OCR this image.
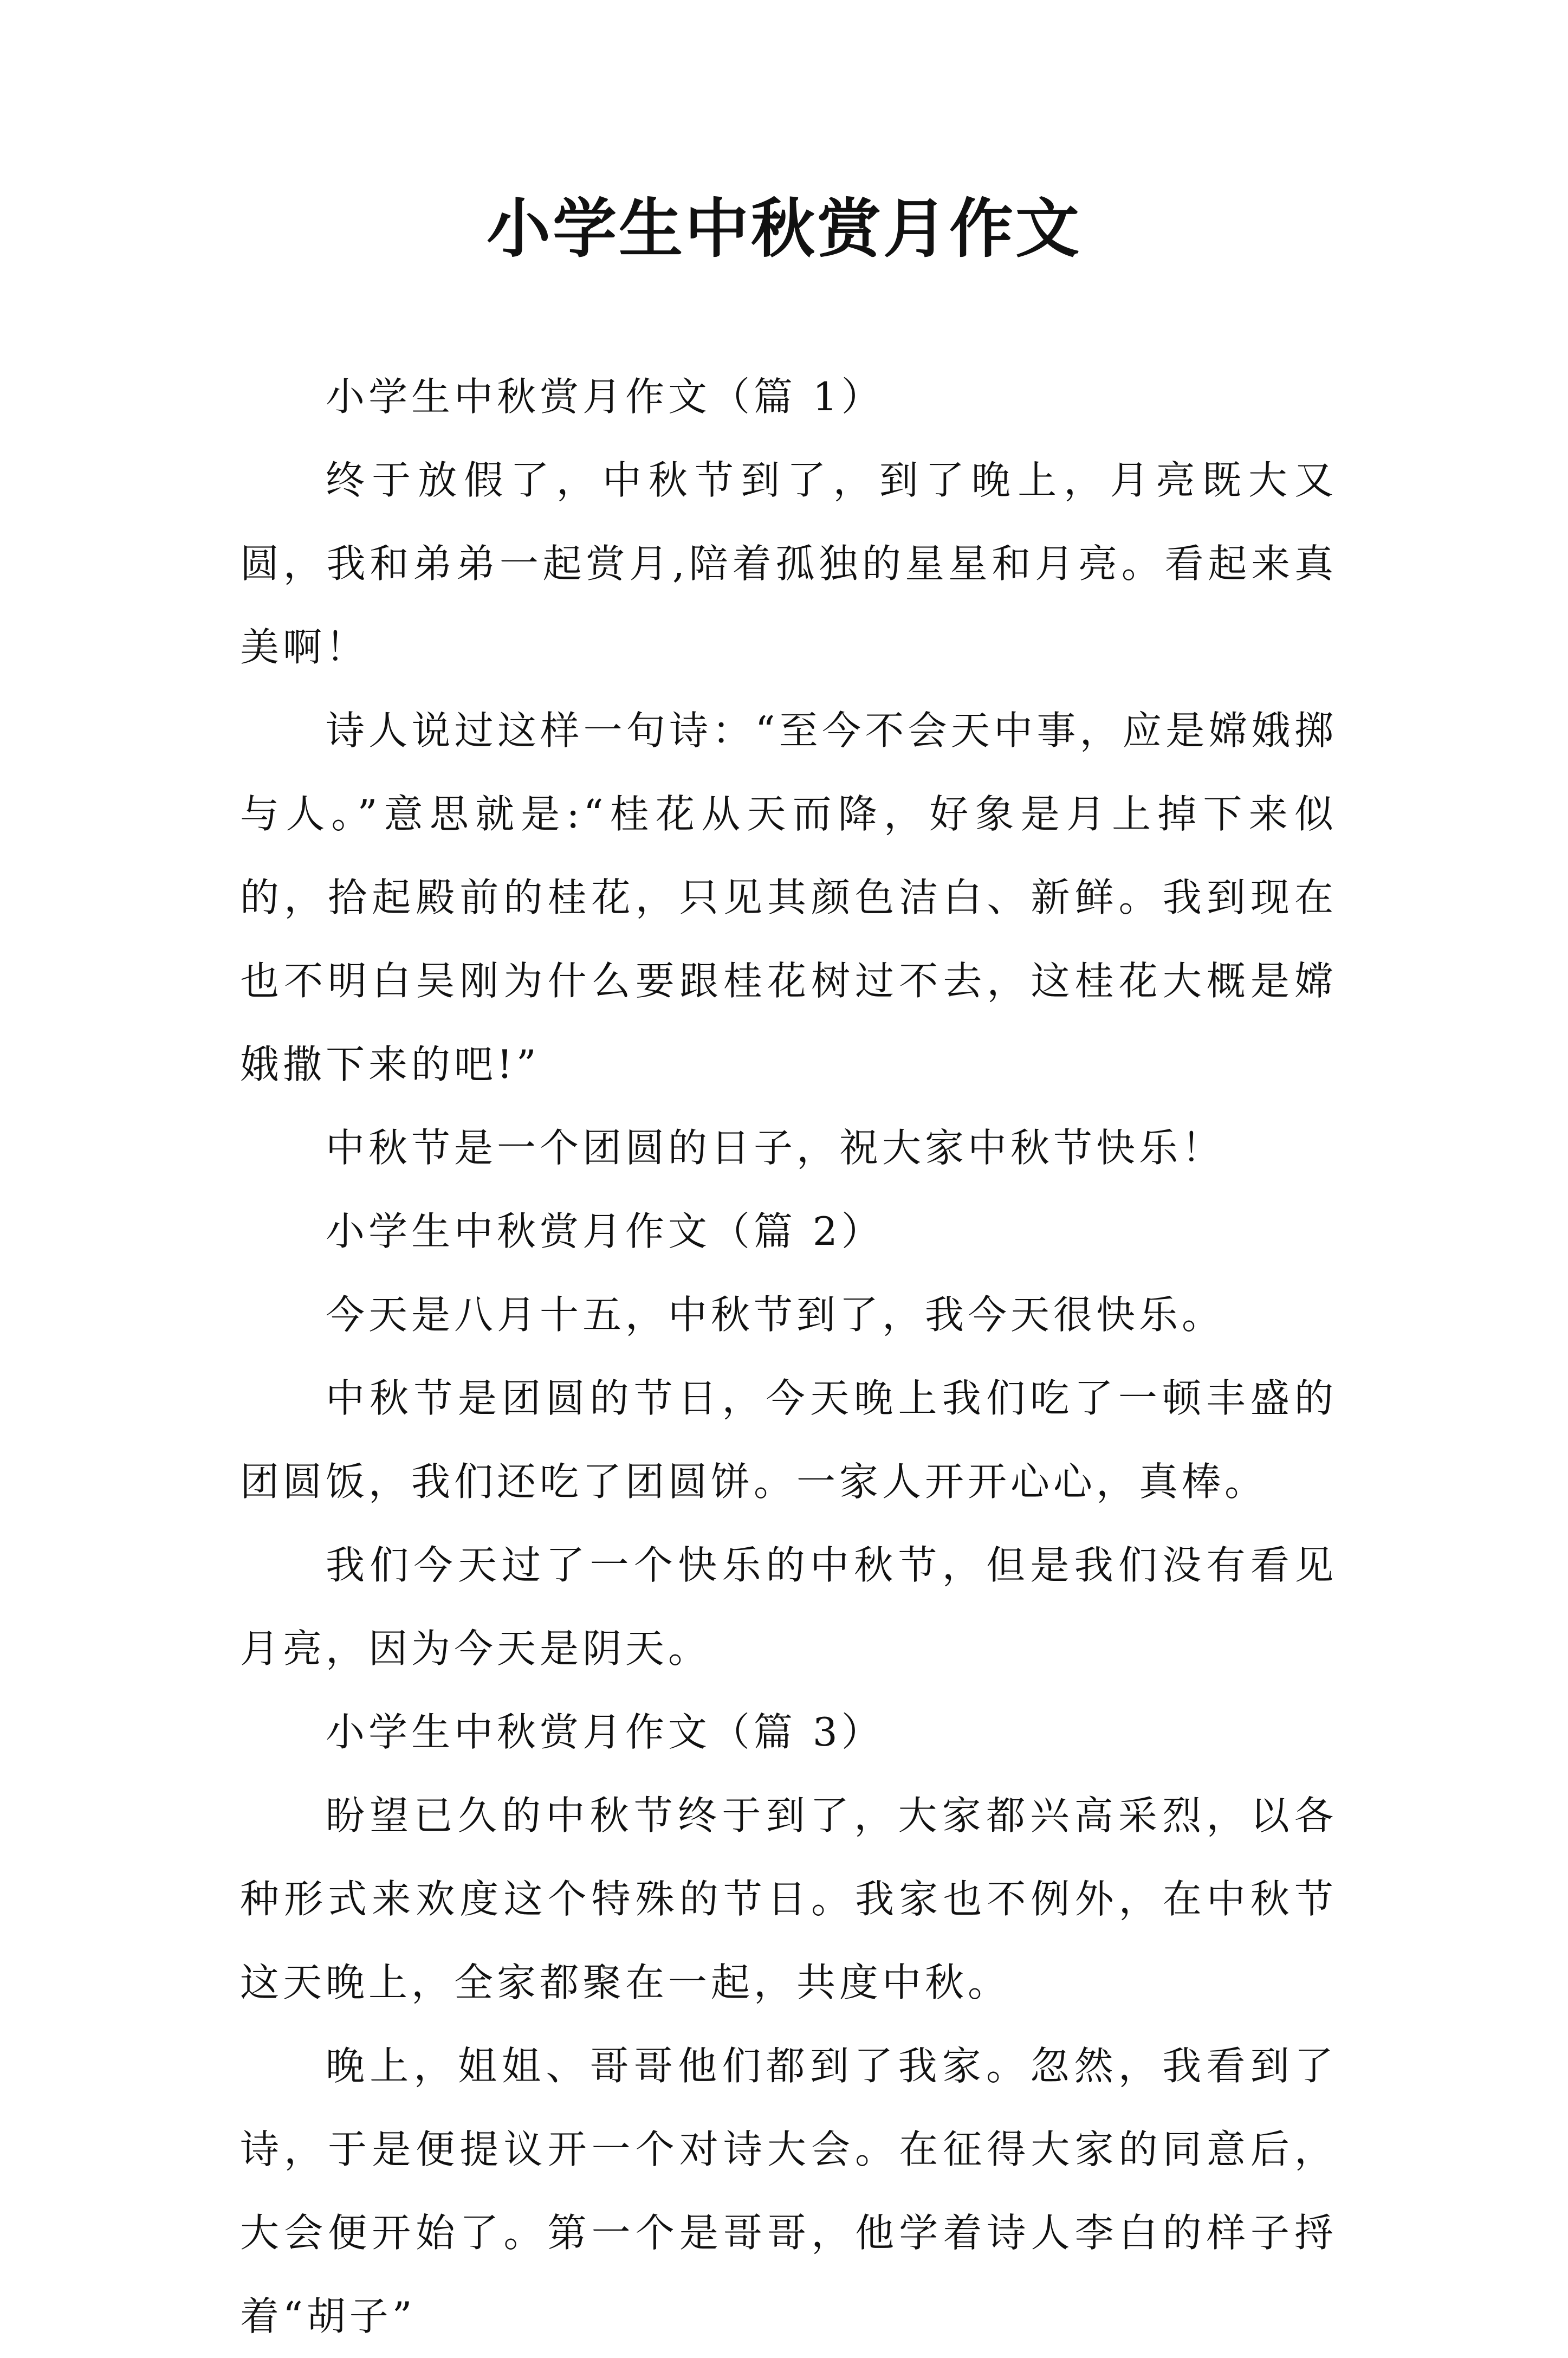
小学生中秋赏月作文

小学生中秋赏月作文（篇 1）

终于放假了，中秋节到了，到了晚上，月亮既大又圆，我和弟弟一起赏月,陪着孤独的星星和月亮。看起来真美啊！

诗人说过这样一句诗：“至今不会天中事，应是嫦娥掷与人。”意思就是:“桂花从天而降，好象是月上掉下来似的，拾起殿前的桂花，只见其颜色洁白、新鲜。我到现在也不明白吴刚为什么要跟桂花树过不去，这桂花大概是嫦娥撒下来的吧!”

中秋节是一个团圆的日子，祝大家中秋节快乐！

小学生中秋赏月作文（篇 2）

今天是八月十五，中秋节到了，我今天很快乐。

中秋节是团圆的节日，今天晚上我们吃了一顿丰盛的团圆饭，我们还吃了团圆饼。一家人开开心心，真棒。

我们今天过了一个快乐的中秋节，但是我们没有看见月亮，因为今天是阴天。

小学生中秋赏月作文（篇 3）

盼望已久的中秋节终于到了，大家都兴高采烈，以各种形式来欢度这个特殊的节日。我家也不例外，在中秋节这天晚上，全家都聚在一起，共度中秋。

晚上，姐姐、哥哥他们都到了我家。忽然，我看到了诗，于是便提议开一个对诗大会。在征得大家的同意后，大会便开始了。第一个是哥哥，他学着诗人李白的样子捋着“胡子”
